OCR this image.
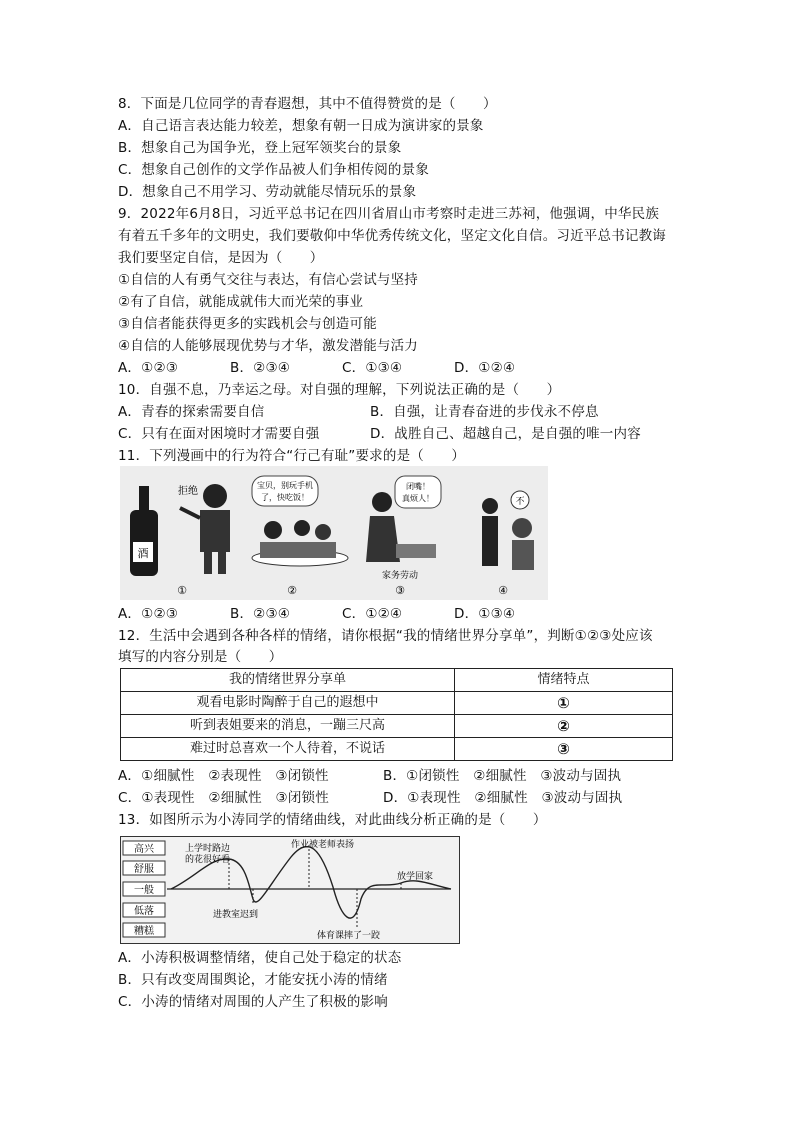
8．下面是几位同学的青春遐想，其中不值得赞赏的是（　　）
A．自己语言表达能力较差，想象有朝一日成为演讲家的景象
B．想象自己为国争光，登上冠军领奖台的景象
C．想象自己创作的文学作品被人们争相传阅的景象
D．想象自己不用学习、劳动就能尽情玩乐的景象
9．2022年6月8日，习近平总书记在四川省眉山市考察时走进三苏祠，他强调，中华民族
有着五千多年的文明史，我们要敬仰中华优秀传统文化，坚定文化自信。习近平总书记教诲
我们要坚定自信，是因为（　　）
①自信的人有勇气交往与表达，有信心尝试与坚持
②有了自信，就能成就伟大而光荣的事业
③自信者能获得更多的实践机会与创造可能
④自信的人能够展现优势与才华，激发潜能与活力
A．①②③	B．②③④	C．①③④	D．①②④
10．自强不息，乃幸运之母。对自强的理解，下列说法正确的是（　　）
A．青春的探索需要自信	B．自强，让青春奋进的步伐永不停息
C．只有在面对困境时才需要自强	D．战胜自己、超越自己，是自强的唯一内容
11．下列漫画中的行为符合“行己有耻”要求的是（　　）
酒
拒绝
①
宝贝，别玩手机
了，快吃饭！
②
闭嘴！
真烦人！
家务劳动
③
不
④
A．①②③	B．②③④	C．①②④	D．①③④
12．生活中会遇到各种各样的情绪，请你根据“我的情绪世界分享单”，判断①②③处应该
填写的内容分别是（　　）
我的情绪世界分享单	情绪特点
观看电影时陶醉于自己的遐想中	①
听到表姐要来的消息，一蹦三尺高	②
难过时总喜欢一个人待着，不说话	③
A．①细腻性　②表现性　③闭锁性	B．①闭锁性　②细腻性　③波动与固执
C．①表现性　②细腻性　③闭锁性	D．①表现性　②细腻性　③波动与固执
13．如图所示为小涛同学的情绪曲线，对此曲线分析正确的是（　　）
高兴
舒服
一般
低落
糟糕
上学时路边
的花很好看
作业被老师表扬
放学回家
进教室迟到
体育课摔了一跤
A．小涛积极调整情绪，使自己处于稳定的状态
B．只有改变周围舆论，才能安抚小涛的情绪
C．小涛的情绪对周围的人产生了积极的影响
